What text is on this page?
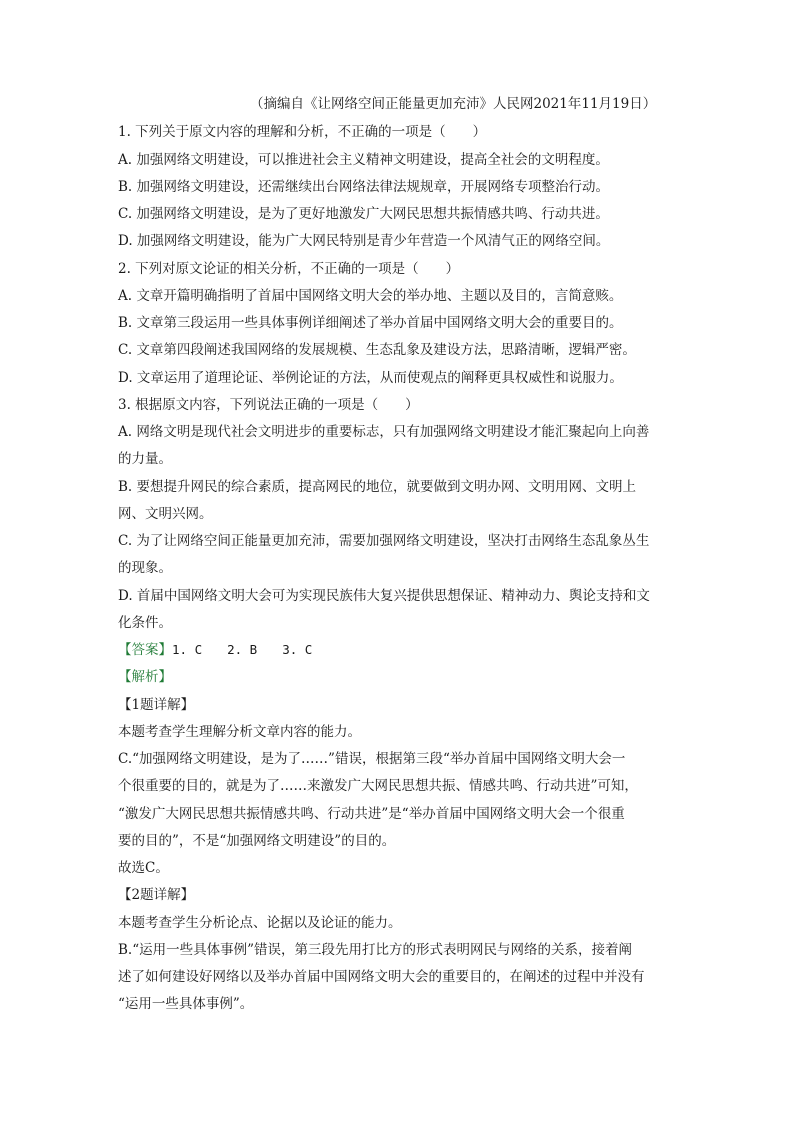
（摘编自《让网络空间正能量更加充沛》人民网2021年11月19日）
1. 下列关于原文内容的理解和分析，不正确的一项是（　　）
A. 加强网络文明建设，可以推进社会主义精神文明建设，提高全社会的文明程度。
B. 加强网络文明建设，还需继续出台网络法律法规规章，开展网络专项整治行动。
C. 加强网络文明建设，是为了更好地激发广大网民思想共振情感共鸣、行动共进。
D. 加强网络文明建设，能为广大网民特别是青少年营造一个风清气正的网络空间。
2. 下列对原文论证的相关分析，不正确的一项是（　　）
A. 文章开篇明确指明了首届中国网络文明大会的举办地、主题以及目的，言简意赅。
B. 文章第三段运用一些具体事例详细阐述了举办首届中国网络文明大会的重要目的。
C. 文章第四段阐述我国网络的发展规模、生态乱象及建设方法，思路清晰，逻辑严密。
D. 文章运用了道理论证、举例论证的方法，从而使观点的阐释更具权威性和说服力。
3. 根据原文内容，下列说法正确的一项是（　　）
A. 网络文明是现代社会文明进步的重要标志，只有加强网络文明建设才能汇聚起向上向善
的力量。
B. 要想提升网民的综合素质，提高网民的地位，就要做到文明办网、文明用网、文明上
网、文明兴网。
C. 为了让网络空间正能量更加充沛，需要加强网络文明建设，坚决打击网络生态乱象丛生
的现象。
D. 首届中国网络文明大会可为实现民族伟大复兴提供思想保证、精神动力、舆论支持和文
化条件。
【答案】1. C　　2. B　　3. C
【解析】
【1题详解】
本题考查学生理解分析文章内容的能力。
C.“加强网络文明建设，是为了……”错误，根据第三段“举办首届中国网络文明大会一
个很重要的目的，就是为了……来激发广大网民思想共振、情感共鸣、行动共进”可知，
“激发广大网民思想共振情感共鸣、行动共进”是“举办首届中国网络文明大会一个很重
要的目的”，不是“加强网络文明建设”的目的。
故选C。
【2题详解】
本题考查学生分析论点、论据以及论证的能力。
B.“运用一些具体事例”错误，第三段先用打比方的形式表明网民与网络的关系，接着阐
述了如何建设好网络以及举办首届中国网络文明大会的重要目的，在阐述的过程中并没有
“运用一些具体事例”。
